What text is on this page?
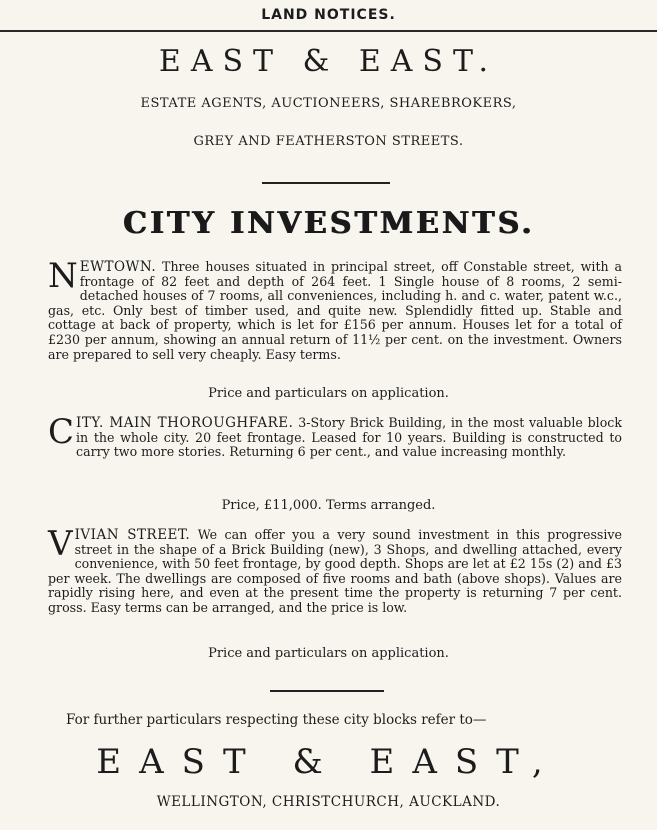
LAND NOTICES.
EAST & EAST.
ESTATE AGENTS, AUCTIONEERS, SHAREBROKERS,
GREY AND FEATHERSTON STREETS.
CITY INVESTMENTS.
N EWTOWN. Three houses situated in principal street, off Constable street, with a frontage of 82 feet and depth of 264 feet. 1 Single house of 8 rooms, 2 semi-detached houses of 7 rooms, all conveniences, including h. and c. water, patent w.c., gas, etc. Only best of timber used, and quite new. Splendidly fitted up. Stable and cottage at back of property, which is let for £156 per annum. Houses let for a total of £230 per annum, showing an annual return of 11½ per cent. on the investment. Owners are prepared to sell very cheaply. Easy terms.
Price and particulars on application.
C ITY. MAIN THOROUGHFARE. 3-Story Brick Building, in the most valuable block in the whole city. 20 feet frontage. Leased for 10 years. Building is constructed to carry two more stories. Returning 6 per cent., and value increasing monthly.
Price, £11,000. Terms arranged.
V IVIAN STREET. We can offer you a very sound investment in this progressive street in the shape of a Brick Building (new), 3 Shops, and dwelling attached, every convenience, with 50 feet frontage, by good depth. Shops are let at £2 15s (2) and £3 per week. The dwellings are composed of five rooms and bath (above shops). Values are rapidly rising here, and even at the present time the property is returning 7 per cent. gross. Easy terms can be arranged, and the price is low.
Price and particulars on application.
For further particulars respecting these city blocks refer to—
EAST & EAST,
WELLINGTON, CHRISTCHURCH, AUCKLAND.
